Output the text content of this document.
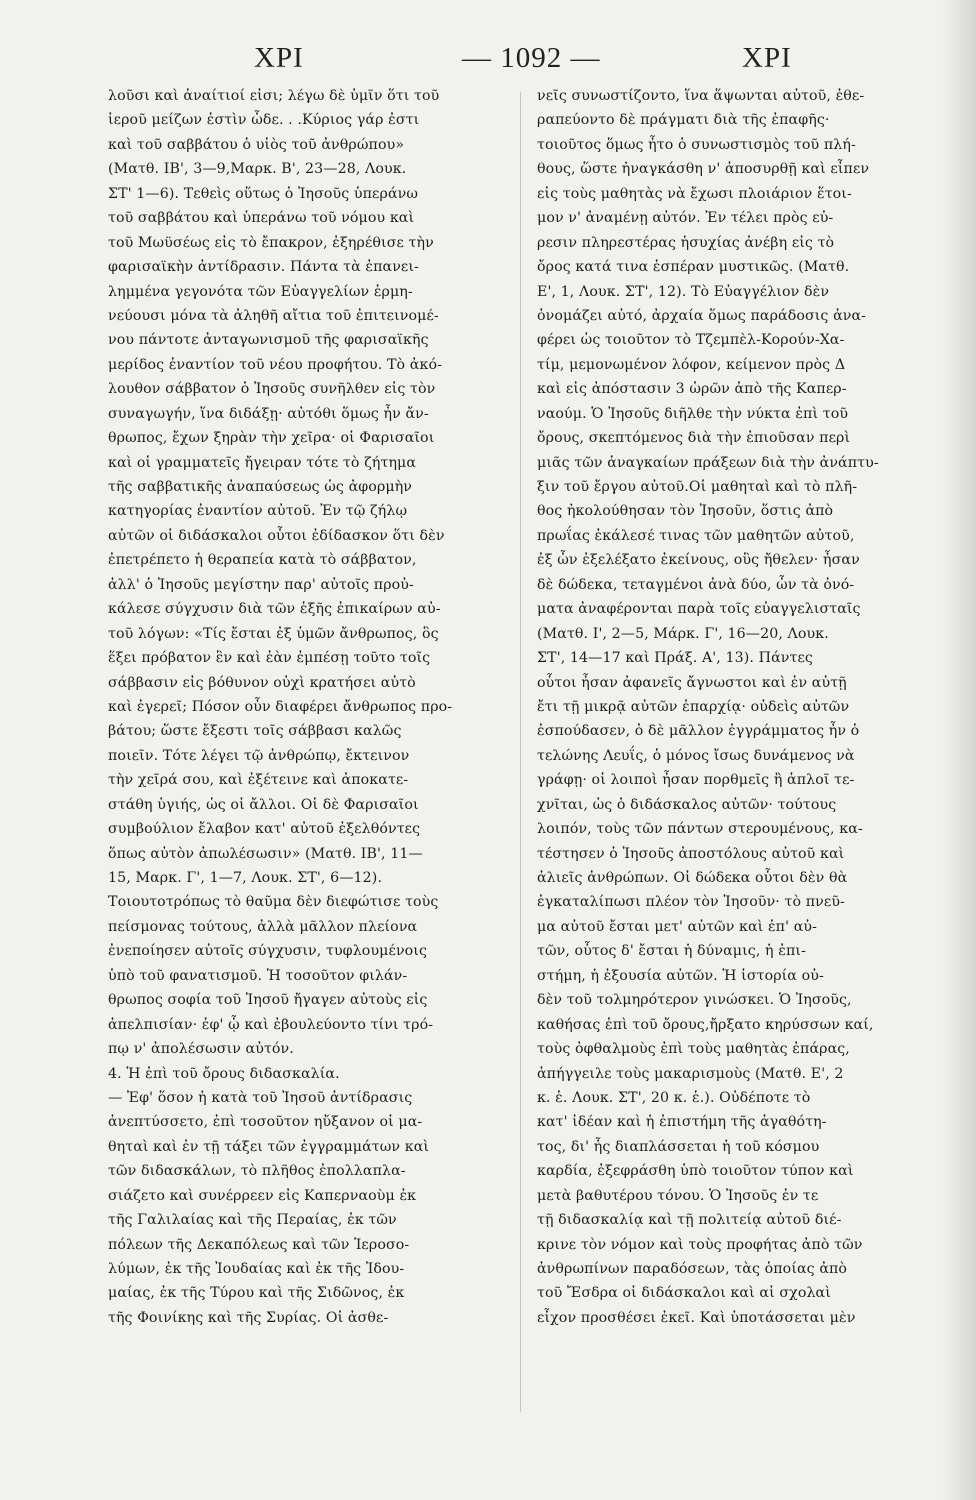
ΧΡΙ	— 1092 —	ΧΡΙ
λοῦσι καὶ ἀναίτιοί εἰσι; λέγω δὲ ὑμῖν ὅτι τοῦ
ἱεροῦ μείζων ἐστὶν ὧδε. . .Κύριος γάρ ἐστι
καὶ τοῦ σαββάτου ὁ υἱὸς τοῦ ἀνθρώπου»
(Ματθ. ΙΒ', 3—9,Μαρκ. Β', 23—28, Λουκ.
ΣΤ' 1—6). Τεθεὶς οὕτως ὁ Ἰησοῦς ὑπεράνω
τοῦ σαββάτου καὶ ὑπεράνω τοῦ νόμου καὶ
τοῦ Μωϋσέως εἰς τὸ ἔπακρον, ἐξηρέθισε τὴν
φαρισαϊκὴν ἀντίδρασιν. Πάντα τὰ ἐπανει-
λημμένα γεγονότα τῶν Εὐαγγελίων ἑρμη-
νεύουσι μόνα τὰ ἀληθῆ αἴτια τοῦ ἐπιτεινομέ-
νου πάντοτε ἀνταγωνισμοῦ τῆς φαρισαϊκῆς
μερίδος ἐναντίον τοῦ νέου προφήτου. Τὸ ἀκό-
λουθον σάββατον ὁ Ἰησοῦς συνῆλθεν εἰς τὸν
συναγωγήν, ἵνα διδάξῃ· αὐτόθι ὅμως ἦν ἄν-
θρωπος, ἔχων ξηρὰν τὴν χεῖρα· οἱ Φαρισαῖοι
καὶ οἱ γραμματεῖς ἤγειραν τότε τὸ ζήτημα
τῆς σαββατικῆς ἀναπαύσεως ὡς ἀφορμὴν
κατηγορίας ἐναντίον αὐτοῦ. Ἐν τῷ ζήλῳ
αὐτῶν οἱ διδάσκαλοι οὗτοι ἐδίδασκον ὅτι δὲν
ἐπετρέπετο ἡ θεραπεία κατὰ τὸ σάββατον,
ἀλλ' ὁ Ἰησοῦς μεγίστην παρ' αὐτοῖς προὐ-
κάλεσε σύγχυσιν διὰ τῶν ἑξῆς ἐπικαίρων αὐ-
τοῦ λόγων: «Τίς ἔσται ἐξ ὑμῶν ἄνθρωπος, ὃς
ἕξει πρόβατον ἓν καὶ ἐὰν ἐμπέσῃ τοῦτο τοῖς
σάββασιν εἰς βόθυνον οὐχὶ κρατήσει αὐτὸ
καὶ ἐγερεῖ; Πόσον οὖν διαφέρει ἄνθρωπος προ-
βάτου; ὥστε ἔξεστι τοῖς σάββασι καλῶς
ποιεῖν. Τότε λέγει τῷ ἀνθρώπῳ, ἔκτεινον
τὴν χεῖρά σου, καὶ ἐξέτεινε καὶ ἀποκατε-
στάθη ὑγιής, ὡς οἱ ἄλλοι. Οἱ δὲ Φαρισαῖοι
συμβούλιον ἔλαβον κατ' αὐτοῦ ἐξελθόντες
ὅπως αὐτὸν ἀπωλέσωσιν» (Ματθ. ΙΒ', 11—
15, Μαρκ. Γ', 1—7, Λουκ. ΣΤ', 6—12).
Τοιουτοτρόπως τὸ θαῦμα δὲν διεφώτισε τοὺς
πείσμονας τούτους, ἀλλὰ μᾶλλον πλείονα
ἐνεποίησεν αὐτοῖς σύγχυσιν, τυφλουμένοις
ὑπὸ τοῦ φανατισμοῦ. Ἡ τοσοῦτον φιλάν-
θρωπος σοφία τοῦ Ἰησοῦ ἤγαγεν αὐτοὺς εἰς
ἀπελπισίαν· ἐφ' ᾧ καὶ ἐβουλεύοντο τίνι τρό-
πῳ ν' ἀπολέσωσιν αὐτόν.
4. Ἡ ἐπὶ τοῦ ὄρους διδασκαλία.
— Ἐφ' ὅσον ἡ κατὰ τοῦ Ἰησοῦ ἀντίδρασις
ἀνεπτύσσετο, ἐπὶ τοσοῦτον ηὔξανον οἱ μα-
θηταὶ καὶ ἐν τῇ τάξει τῶν ἐγγραμμάτων καὶ
τῶν διδασκάλων, τὸ πλῆθος ἐπολλαπλα-
σιάζετο καὶ συνέρρεεν εἰς Καπερναοὺμ ἐκ
τῆς Γαλιλαίας καὶ τῆς Περαίας, ἐκ τῶν
πόλεων τῆς Δεκαπόλεως καὶ τῶν Ἱεροσο-
λύμων, ἐκ τῆς Ἰουδαίας καὶ ἐκ τῆς Ἰδου-
μαίας, ἐκ τῆς Τύρου καὶ τῆς Σιδῶνος, ἐκ
τῆς Φοινίκης καὶ τῆς Συρίας. Οἱ ἀσθε-
νεῖς συνωστίζοντο, ἵνα ἅψωνται αὐτοῦ, ἐθε-
ραπεύοντο δὲ πράγματι διὰ τῆς ἐπαφῆς·
τοιοῦτος ὅμως ἦτο ὁ συνωστισμὸς τοῦ πλή-
θους, ὥστε ἠναγκάσθη ν' ἀποσυρθῇ καὶ εἶπεν
εἰς τοὺς μαθητὰς νὰ ἔχωσι πλοιάριον ἕτοι-
μον ν' ἀναμένῃ αὐτόν. Ἐν τέλει πρὸς εὐ-
ρεσιν πληρεστέρας ἡσυχίας ἀνέβη εἰς τὸ
ὄρος κατά τινα ἑσπέραν μυστικῶς. (Ματθ.
Ε', 1, Λουκ. ΣΤ', 12). Τὸ Εὐαγγέλιον δὲν
ὀνομάζει αὐτό, ἀρχαία ὅμως παράδοσις ἀνα-
φέρει ὡς τοιοῦτον τὸ Τζεμπὲλ-Κορούν-Χα-
τίμ, μεμονωμένον λόφον, κείμενον πρὸς Δ
καὶ εἰς ἀπόστασιν 3 ὡρῶν ἀπὸ τῆς Καπερ-
ναούμ. Ὁ Ἰησοῦς διῆλθε τὴν νύκτα ἐπὶ τοῦ
ὄρους, σκεπτόμενος διὰ τὴν ἐπιοῦσαν περὶ
μιᾶς τῶν ἀναγκαίων πράξεων διὰ τὴν ἀνάπτυ-
ξιν τοῦ ἔργου αὐτοῦ.Οἱ μαθηταὶ καὶ τὸ πλῆ-
θος ἠκολούθησαν τὸν Ἰησοῦν, ὅστις ἀπὸ
πρωΐας ἐκάλεσέ τινας τῶν μαθητῶν αὐτοῦ,
ἐξ ὧν ἐξελέξατο ἐκείνους, οὓς ἤθελεν· ἦσαν
δὲ δώδεκα, τεταγμένοι ἀνὰ δύο, ὧν τὰ ὀνό-
ματα ἀναφέρονται παρὰ τοῖς εὐαγγελισταῖς
(Ματθ. Ι', 2—5, Μάρκ. Γ', 16—20, Λουκ.
ΣΤ', 14—17 καὶ Πράξ. Α', 13). Πάντες
οὗτοι ἦσαν ἀφανεῖς ἄγνωστοι καὶ ἐν αὐτῇ
ἔτι τῇ μικρᾷ αὐτῶν ἐπαρχίᾳ· οὐδεὶς αὐτῶν
ἐσπούδασεν, ὁ δὲ μᾶλλον ἐγγράμματος ἦν ὁ
τελώνης Λευΐς, ὁ μόνος ἴσως δυνάμενος νὰ
γράφῃ· οἱ λοιποὶ ἦσαν πορθμεῖς ἢ ἁπλοῖ τε-
χνῖται, ὡς ὁ διδάσκαλος αὐτῶν· τούτους
λοιπόν, τοὺς τῶν πάντων στερουμένους, κα-
τέστησεν ὁ Ἰησοῦς ἀποστόλους αὐτοῦ καὶ
ἁλιεῖς ἀνθρώπων. Οἱ δώδεκα οὗτοι δὲν θὰ
ἐγκαταλίπωσι πλέον τὸν Ἰησοῦν· τὸ πνεῦ-
μα αὐτοῦ ἔσται μετ' αὐτῶν καὶ ἐπ' αὐ-
τῶν, οὗτος δ' ἔσται ἡ δύναμις, ἡ ἐπι-
στήμη, ἡ ἐξουσία αὐτῶν. Ἡ ἱστορία οὐ-
δὲν τοῦ τολμηρότερον γινώσκει. Ὁ Ἰησοῦς,
καθήσας ἐπὶ τοῦ ὄρους,ἤρξατο κηρύσσων καί,
τοὺς ὀφθαλμοὺς ἐπὶ τοὺς μαθητὰς ἐπάρας,
ἀπήγγειλε τοὺς μακαρισμοὺς (Ματθ. Ε', 2
κ. ἑ. Λουκ. ΣΤ', 20 κ. ἑ.). Οὐδέποτε τὸ
κατ' ἰδέαν καὶ ἡ ἐπιστήμη τῆς ἀγαθότη-
τος, δι' ἧς διαπλάσσεται ἡ τοῦ κόσμου
καρδία, ἐξεφράσθη ὑπὸ τοιοῦτον τύπον καὶ
μετὰ βαθυτέρου τόνου. Ὁ Ἰησοῦς ἐν τε
τῇ διδασκαλίᾳ καὶ τῇ πολιτείᾳ αὐτοῦ διέ-
κρινε τὸν νόμον καὶ τοὺς προφήτας ἀπὸ τῶν
ἀνθρωπίνων παραδόσεων, τὰς ὁποίας ἀπὸ
τοῦ Ἔσδρα οἱ διδάσκαλοι καὶ αἱ σχολαὶ
εἶχον προσθέσει ἐκεῖ. Καὶ ὑποτάσσεται μὲν
